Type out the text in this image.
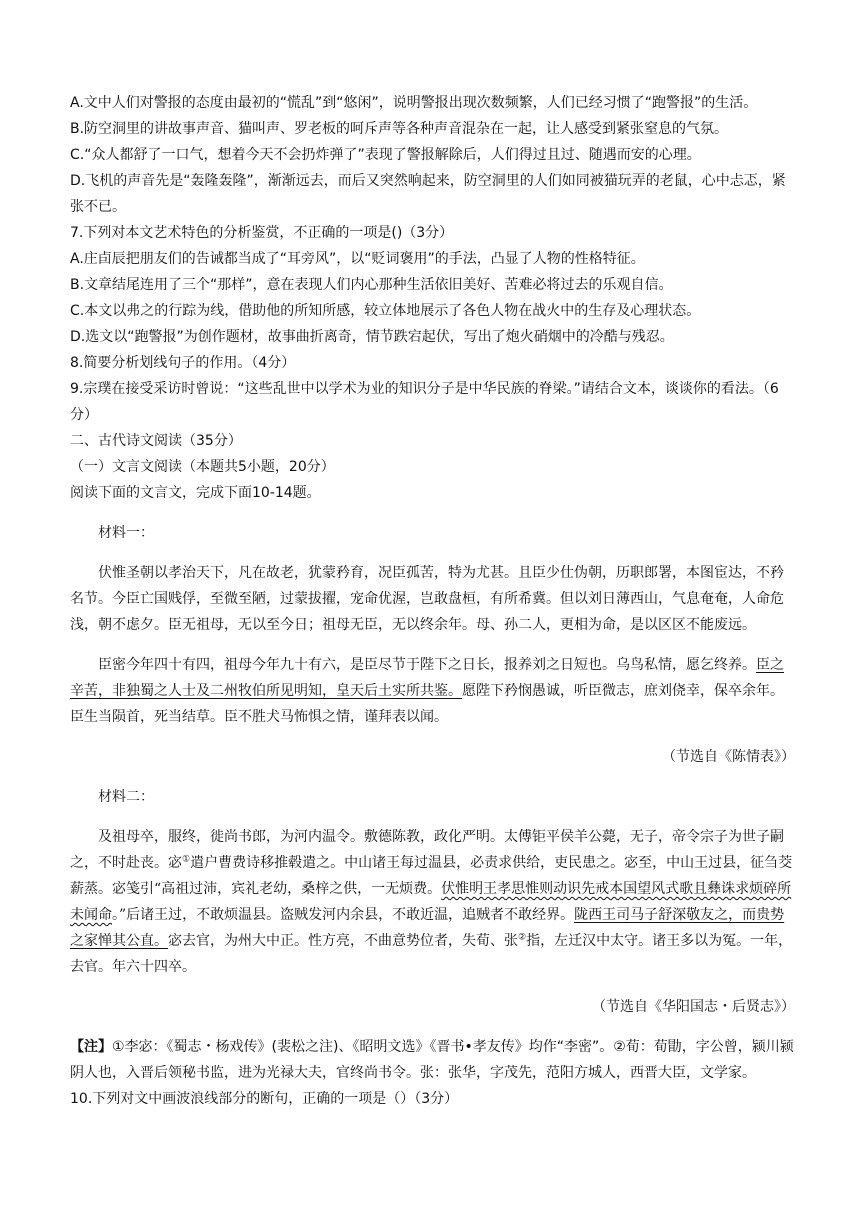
A.文中人们对警报的态度由最初的“慌乱”到“悠闲”，说明警报出现次数频繁，人们已经习惯了“跑警报”的生活。

B.防空洞里的讲故事声音、猫叫声、罗老板的呵斥声等各种声音混杂在一起，让人感受到紧张窒息的气氛。

C.“众人都舒了一口气，想着今天不会扔炸弹了”表现了警报解除后，人们得过且过、随遇而安的心理。

D.飞机的声音先是“轰隆轰隆”，渐渐远去，而后又突然响起来，防空洞里的人们如同被猫玩弄的老鼠，心中忐忑，紧张不已。

7.下列对本文艺术特色的分析鉴赏，不正确的一项是()（3分）

A.庄卣辰把朋友们的告诫都当成了“耳旁风”，以“贬词褒用”的手法，凸显了人物的性格特征。

B.文章结尾连用了三个“那样”，意在表现人们内心那种生活依旧美好、苦难必将过去的乐观自信。

C.本文以弗之的行踪为线，借助他的所知所感，较立体地展示了各色人物在战火中的生存及心理状态。

D.选文以“跑警报”为创作题材，故事曲折离奇，情节跌宕起伏，写出了炮火硝烟中的冷酷与残忍。

8.简要分析划线句子的作用。（4分）

9.宗璞在接受采访时曾说：“这些乱世中以学术为业的知识分子是中华民族的脊梁。”请结合文本，谈谈你的看法。（6分）

二、古代诗文阅读（35分）

（一）文言文阅读（本题共5小题，20分）

阅读下面的文言文，完成下面10-14题。

材料一：

伏惟圣朝以孝治天下，凡在故老，犹蒙矜育，况臣孤苦，特为尤甚。且臣少仕伪朝，历职郎署，本图宦达，不矜名节。今臣亡国贱俘，至微至陋，过蒙拔擢，宠命优渥，岂敢盘桓，有所希冀。但以刘日薄西山，气息奄奄，人命危浅，朝不虑夕。臣无祖母，无以至今日；祖母无臣，无以终余年。母、孙二人，更相为命，是以区区不能废远。

臣密今年四十有四，祖母今年九十有六，是臣尽节于陛下之日长，报养刘之日短也。乌鸟私情，愿乞终养。臣之辛苦，非独蜀之人士及二州牧伯所见明知，皇天后土实所共鉴。愿陛下矜悯愚诚，听臣微志，庶刘侥幸，保卒余年。臣生当陨首，死当结草。臣不胜犬马怖惧之情，谨拜表以闻。

（节选自《陈情表》）

材料二：

及祖母卒，服终，徙尚书郎，为河内温令。敷德陈教，政化严明。太傅钜平侯羊公薨，无子，帝令宗子为世子嗣之，不时赴丧。宓①遣户曹费诗移推毂遣之。中山诸王每过温县，必责求供给，吏民患之。宓至，中山王过县，征刍茭薪蒸。宓笺引“高祖过沛，宾礼老幼，桑梓之供，一无烦费。伏惟明王孝思惟则动识先戒本国望风式歌且彝诛求烦碎所未闻命。”后诸王过，不敢烦温县。盗贼发河内余县，不敢近温，追贼者不敢经界。陇西王司马子舒深敬友之，而贵势之家惮其公直。宓去官，为州大中正。性方亮，不曲意势位者，失荀、张②指，左迁汉中太守。诸王多以为冤。一年，去官。年六十四卒。

（节选自《华阳国志・后贤志》）

【注】①李宓：《蜀志・杨戏传》(裴松之注)、《昭明文选》《晋书•孝友传》均作“李密”。②荀：荀勖，字公曾，颍川颍阴人也，入晋后领秘书监，进为光禄大夫，官终尚书令。张：张华，字茂先，范阳方城人，西晋大臣，文学家。

10.下列对文中画波浪线部分的断句，正确的一项是（）（3分）
